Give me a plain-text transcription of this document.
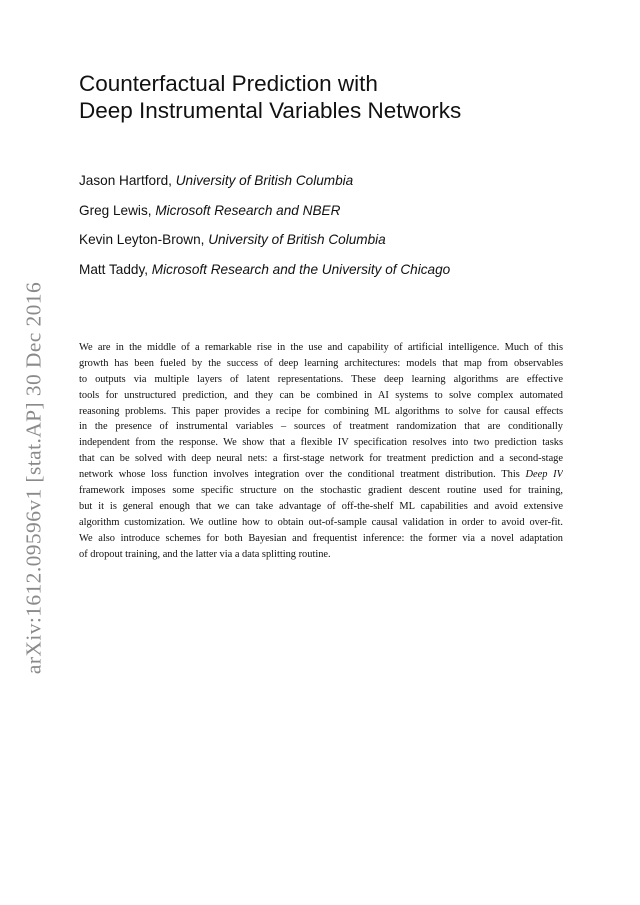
arXiv:1612.09596v1 [stat.AP] 30 Dec 2016
Counterfactual Prediction with
Deep Instrumental Variables Networks
Jason Hartford, University of British Columbia
Greg Lewis, Microsoft Research and NBER
Kevin Leyton-Brown, University of British Columbia
Matt Taddy, Microsoft Research and the University of Chicago
We are in the middle of a remarkable rise in the use and capability of artificial intelligence. Much of this
growth has been fueled by the success of deep learning architectures: models that map from observables
to outputs via multiple layers of latent representations. These deep learning algorithms are effective
tools for unstructured prediction, and they can be combined in AI systems to solve complex automated
reasoning problems. This paper provides a recipe for combining ML algorithms to solve for causal effects
in the presence of instrumental variables – sources of treatment randomization that are conditionally
independent from the response. We show that a flexible IV specification resolves into two prediction tasks
that can be solved with deep neural nets: a first-stage network for treatment prediction and a second-stage
network whose loss function involves integration over the conditional treatment distribution. This Deep IV
framework imposes some specific structure on the stochastic gradient descent routine used for training,
but it is general enough that we can take advantage of off-the-shelf ML capabilities and avoid extensive
algorithm customization. We outline how to obtain out-of-sample causal validation in order to avoid over-fit.
We also introduce schemes for both Bayesian and frequentist inference: the former via a novel adaptation
of dropout training, and the latter via a data splitting routine.
